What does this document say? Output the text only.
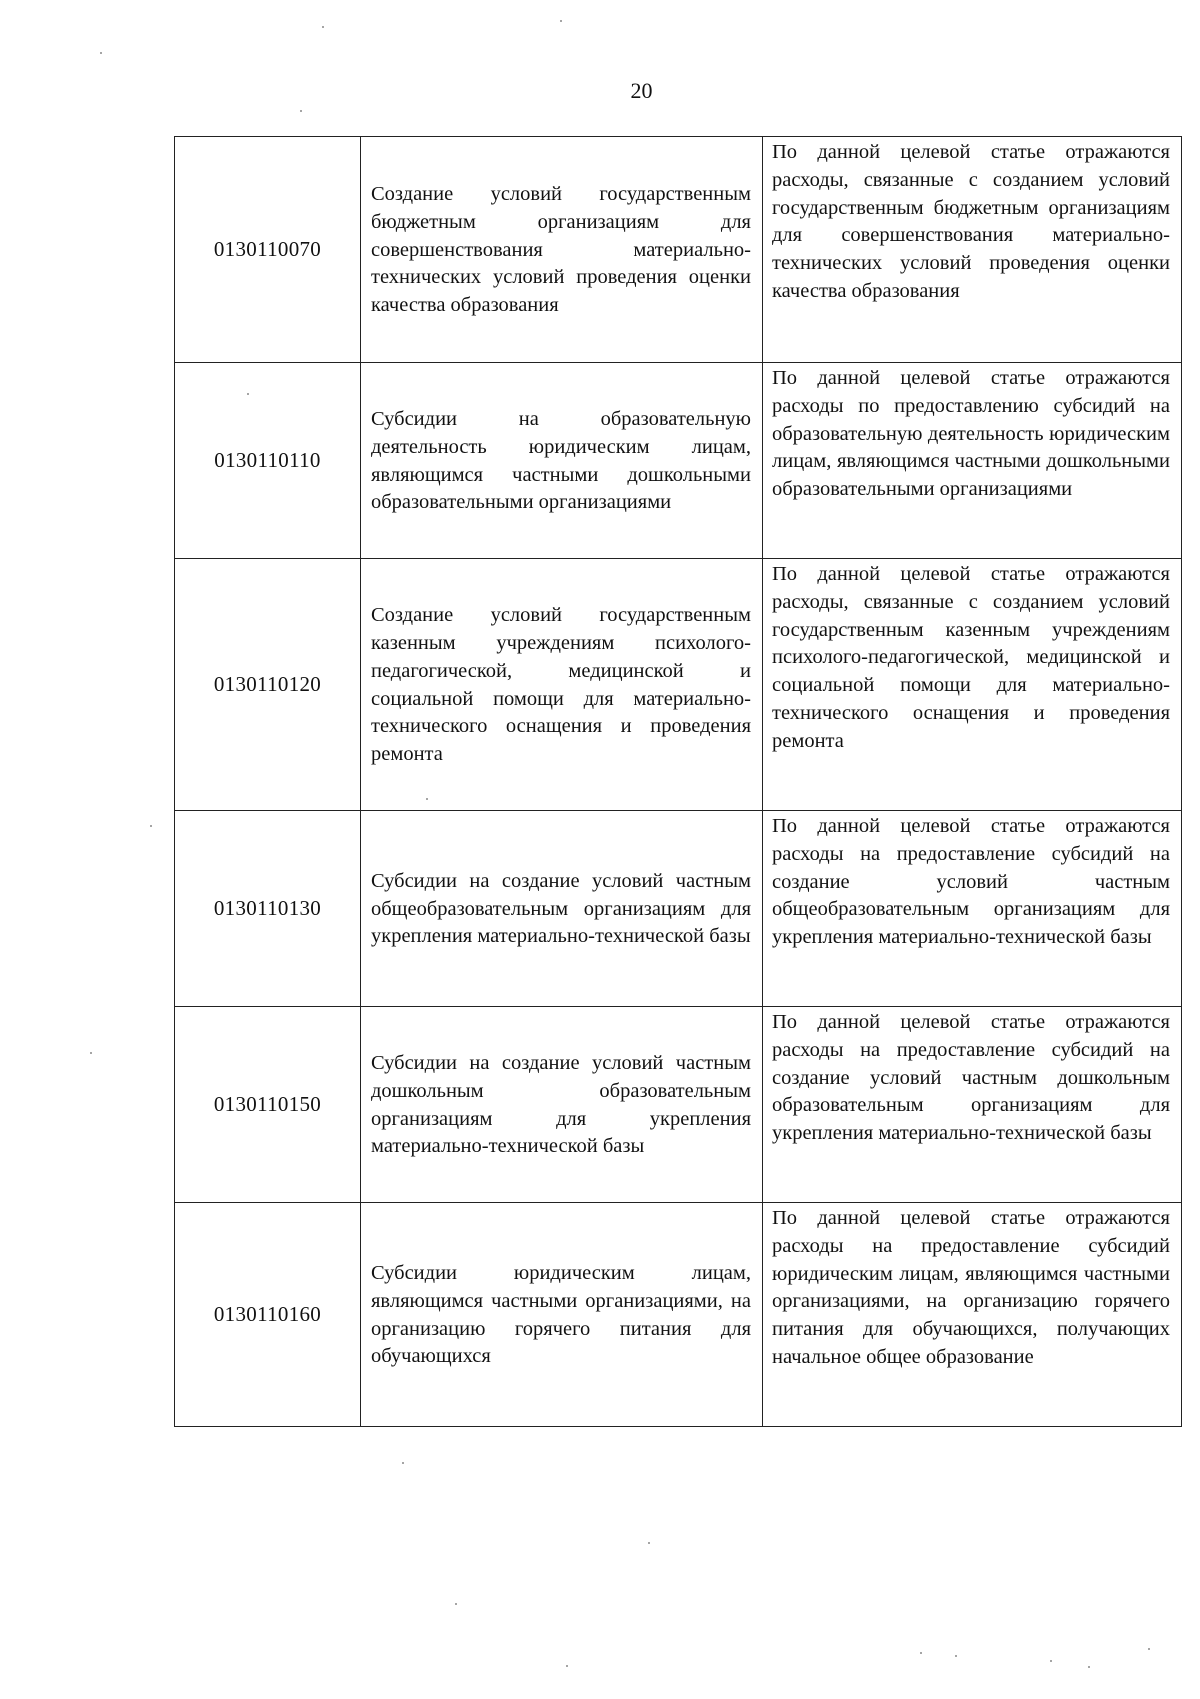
20
0130110070	Создание условий государственным бюджетным организациям для совершенствования материально-технических условий проведения оценки качества образования	По данной целевой статье отражаются расходы, связанные с созданием условий государственным бюджетным организациям для совершенствования материально-технических условий проведения оценки качества образования
0130110110	Субсидии на образовательную деятельность юридическим лицам, являющимся частными дошкольными образовательными организациями	По данной целевой статье отражаются расходы по предоставлению субсидий на образовательную деятельность юридическим лицам, являющимся частными дошкольными образовательными организациями
0130110120	Создание условий государственным казенным учреждениям психолого-педагогической, медицинской и социальной помощи для материально-технического оснащения и проведения ремонта	По данной целевой статье отражаются расходы, связанные с созданием условий государственным казенным учреждениям психолого-педагогической, медицинской и социальной помощи для материально-технического оснащения и проведения ремонта
0130110130	Субсидии на создание условий частным общеобразовательным организациям для укрепления материально-технической базы	По данной целевой статье отражаются расходы на предоставление субсидий на создание условий частным общеобразовательным организациям для укрепления материально-технической базы
0130110150	Субсидии на создание условий частным дошкольным образовательным организациям для укрепления материально-технической базы	По данной целевой статье отражаются расходы на предоставление субсидий на создание условий частным дошкольным образовательным организациям для укрепления материально-технической базы
0130110160	Субсидии юридическим лицам, являющимся частными организациями, на организацию горячего питания для обучающихся	По данной целевой статье отражаются расходы на предоставление субсидий юридическим лицам, являющимся частными организациями, на организацию горячего питания для обучающихся, получающих начальное общее образование
